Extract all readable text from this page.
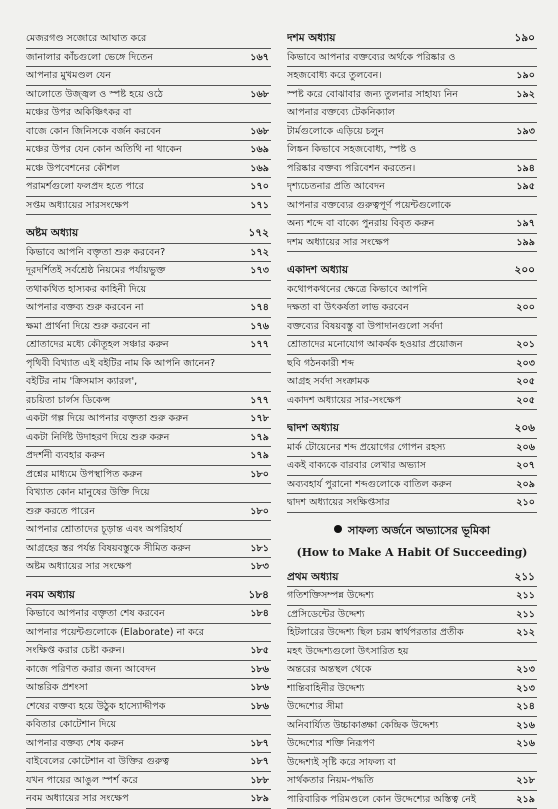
মেজরগণ্ড সজোরে আঘাত করে
জানালার কাঁচগুলো ভেঙ্গে দিতেন	১৬৭
আপনার মুখমণ্ডল যেন
আলোতে উজ্জ্বল ও স্পষ্ট হয়ে ওঠে	১৬৮
মঞ্চের উপর অকিঞ্চিৎকর বা
বাজে কোন জিনিসকে বর্জন করবেন	১৬৮
মঞ্চের উপর যেন কোন অতিথি না থাকেন	১৬৯
মঞ্চে উপবেশনের কৌশল	১৬৯
পরামর্শগুলো ফলপ্রদ হতে পারে	১৭০
সপ্তম অধ্যায়ের সারসংক্ষেপ	১৭১
অষ্টম অধ্যায়	১৭২
কিভাবে আপনি বক্তৃতা শুরু করবেন?	১৭২
দূরদর্শিতই সর্বশ্রেষ্ঠ নিয়মের পর্যায়ভুক্ত	১৭৩
তথাকথিত হাস্যকর কাহিনী দিয়ে
আপনার বক্তব্য শুরু করবেন না	১৭৪
ক্ষমা প্রার্থনা দিয়ে শুরু করবেন না	১৭৬
শ্রোতাদের মধ্যে কৌতূহল সঞ্চার করুন	১৭৭
পৃথিবী বিখ্যাত এই বইটির নাম কি আপনি জানেন?
বইটির নাম 'ক্রিসমাস ক্যারল',
রচয়িতা চার্লস ডিকেন্স	১৭৭
একটা গল্প দিয়ে আপনার বক্তৃতা শুরু করুন	১৭৮
একটা নির্দিষ্ট উদাহরণ দিয়ে শুরু করুন	১৭৯
প্রদর্শনী ব্যবহার করুন	১৭৯
প্রশ্নের মাধ্যমে উপস্থাপিত করুন	১৮০
বিখ্যাত কোন মানুষের উক্তি দিয়ে
শুরু করতে পারেন	১৮০
আপনার শ্রোতাদের চূড়ান্ত এবং অপরিহার্য
আগ্রহের স্তর পর্যন্ত বিষয়বস্তুকে সীমিত করুন	১৮১
অষ্টম অধ্যায়ের সার সংক্ষেপ	১৮৩
নবম অধ্যায়	১৮৪
কিভাবে আপনার বক্তৃতা শেষ করবেন	১৮৪
আপনার পয়েন্টগুলোকে (Elaborate) না করে
সংক্ষিপ্ত করার চেষ্টা করুন।	১৮৫
কাজে পরিণত করার জন্য আবেদন	১৮৬
আন্তরিক প্রশংসা	১৮৬
শেষের বক্তব্য হয়ে উঠুক হাস্যোদ্দীপক	১৮৬
কবিতার কোটেশান দিয়ে
আপনার বক্তব্য শেষ করুন	১৮৭
বাইবেলের কোটেশান বা উক্তির গুরুত্ব	১৮৭
যখন পায়ের আঙুল স্পর্শ করে	১৮৮
নবম অধ্যায়ের সার সংক্ষেপ	১৮৯
দশম অধ্যায়	১৯০
কিভাবে আপনার বক্তব্যের অর্থকে পরিষ্কার ও
সহজবোধ্য করে তুলবেন।	১৯০
স্পষ্ট করে বোঝাবার জন্য তুলনার সাহায্য নিন	১৯২
আপনার বক্তব্যে টেকনিক্যাল
টার্মগুলোকে এড়িয়ে চলুন	১৯৩
লিঙ্কন কিভাবে সহজবোধ্য, স্পষ্ট ও
পরিষ্কার বক্তব্য পরিবেশন করতেন।	১৯৪
দৃশ্যচেতনার প্রতি আবেদন	১৯৫
আপনার বক্তব্যের গুরুত্বপূর্ণ পয়েন্টগুলোকে
অন্য শব্দে বা বাক্যে পুনরায় বিবৃত করুন	১৯৭
দশম অধ্যায়ের সার সংক্ষেপ	১৯৯
একাদশ অধ্যায়	২০০
কথোপকথনের ক্ষেত্রে কিভাবে আপনি
দক্ষতা বা উৎকর্ষতা লাভ করবেন	২০০
বক্তব্যের বিষয়বস্তু বা উপাদানগুলো সর্বদা
শ্রোতাদের মনোযোগ আকর্ষক হওয়ার প্রয়োজন	২০১
ছবি গঠনকারী শব্দ	২০৩
আগ্রহ সর্বদা সংক্রামক	২০৫
একাদশ অধ্যায়ের সার-সংক্ষেপ	২০৫
দ্বাদশ অধ্যায়	২০৬
মার্ক টোয়েনের শব্দ প্রয়োগের গোপন রহস্য	২০৬
একই বাক্যকে বারবার লেখার অভ্যাস	২০৭
অব্যবহার্য পুরানো শব্দগুলোকে বাতিল করুন	২০৯
দ্বাদশ অধ্যায়ের সংক্ষিপ্তসার	২১০
সাফল্য অর্জনে অভ্যাসের ভূমিকা
(How to Make A Habit Of Succeeding)
প্রথম অধ্যায়	২১১
গতিশক্তিসম্পন্ন উদ্দেশ্য	২১১
প্রেসিডেন্টের উদ্দেশ্য	২১১
হিটলারের উদ্দেশ্য ছিল চরম স্বার্থপরতার প্রতীক	২১২
মহৎ উদ্দেশ্যগুলো উৎসারিত হয়
অন্তরের অন্তস্থল থেকে	২১৩
শান্তিবাহিনীর উদ্দেশ্য	২১৩
উদ্দেশ্যের সীমা	২১৪
অনিবার্য্যিত উচ্চাকাঙ্ক্ষা কেন্দ্রিক উদ্দেশ্য	২১৬
উদ্দেশ্যের শক্তি নিরূপণ	২১৬
উদ্দেশ্যই সৃষ্টি করে সাফল্য বা
সার্থকতার নিয়ম-পদ্ধতি	২১৮
পারিবারিক পরিমণ্ডলে কোন উদ্দেশ্যের অস্তিত্ব নেই	২১৯
